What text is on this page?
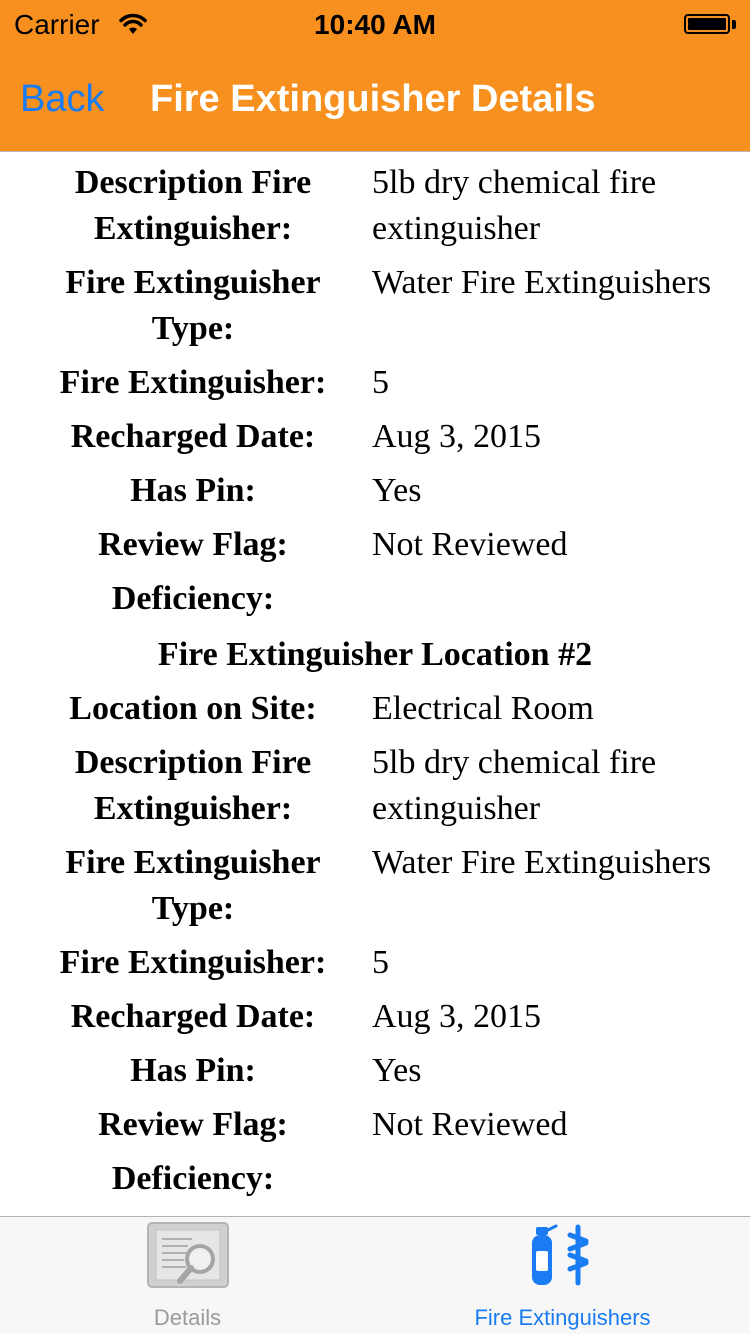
Carrier	10:40 AM
Back Fire Extinguisher Details
Description Fire Extinguisher:
5lb dry chemical fire extinguisher
Fire Extinguisher Type:
Water Fire Extinguishers
Fire Extinguisher:	5
Recharged Date:	Aug 3, 2015
Has Pin:	Yes
Review Flag:	Not Reviewed
Deficiency:
Fire Extinguisher Location #2
Location on Site:	Electrical Room
Description Fire Extinguisher:
5lb dry chemical fire extinguisher
Fire Extinguisher Type:
Water Fire Extinguishers
Fire Extinguisher:	5
Recharged Date:	Aug 3, 2015
Has Pin:	Yes
Review Flag:	Not Reviewed
Deficiency:
Details	Fire Extinguishers
